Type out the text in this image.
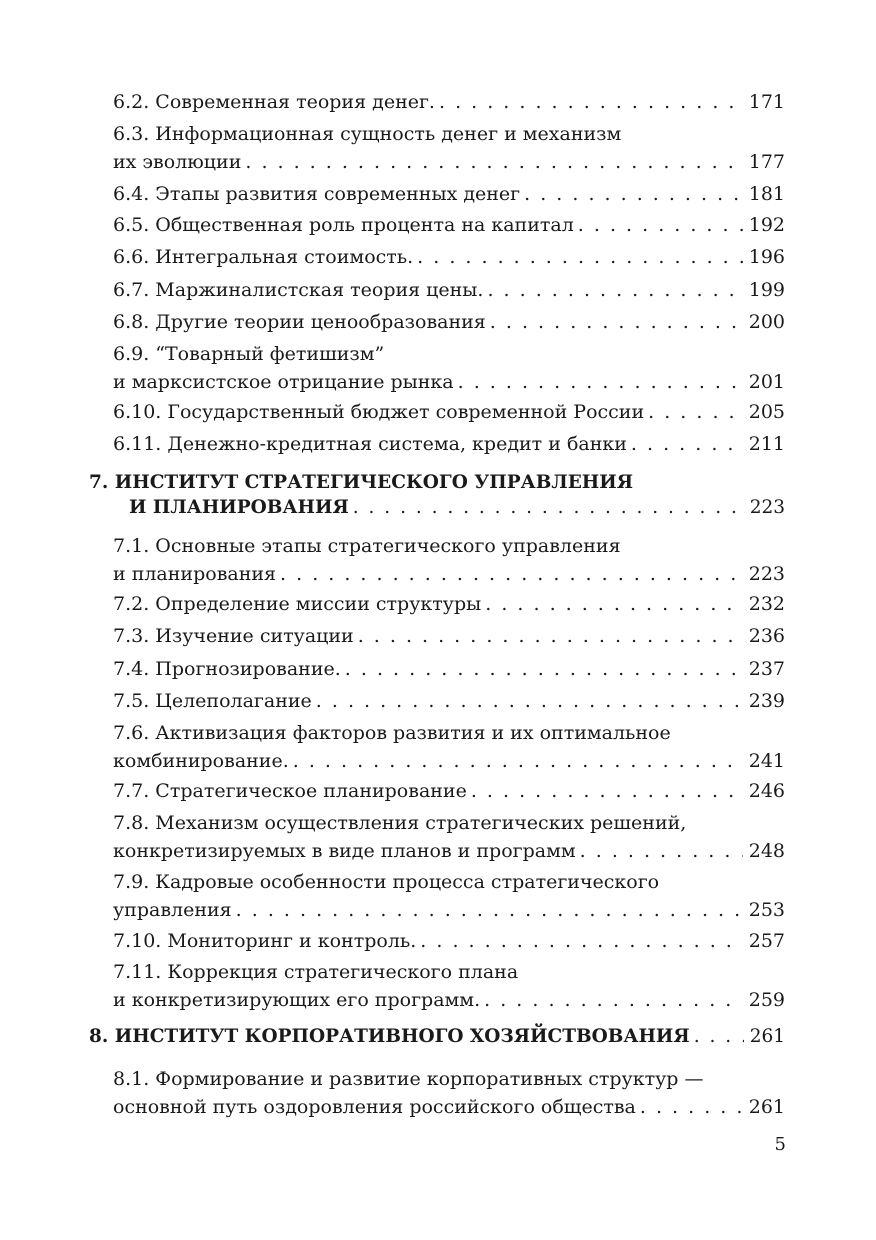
6.2. Современная теория денег. . . .	171
6.3. Информационная сущность денег и механизм
их эволюции . . .	177
6.4. Этапы развития современных денег . . .	181
6.5. Общественная роль процента на капитал . . .	192
6.6. Интегральная стоимость. . . .	196
6.7. Маржиналистская теория цены. . . .	199
6.8. Другие теории ценообразования . . .	200
6.9. “Товарный фетишизм”
и марксистское отрицание рынка . . .	201
6.10. Государственный бюджет современной России . . .	205
6.11. Денежно-кредитная система, кредит и банки . . .	211
7. ИНСТИТУТ СТРАТЕГИЧЕСКОГО УПРАВЛЕНИЯ
И ПЛАНИРОВАНИЯ . . .	223
7.1. Основные этапы стратегического управления
и планирования . . .	223
7.2. Определение миссии структуры . . .	232
7.3. Изучение ситуации . . .	236
7.4. Прогнозирование. . . .	237
7.5. Целеполагание . . .	239
7.6. Активизация факторов развития и их оптимальное
комбинирование. . . .	241
7.7. Стратегическое планирование . . .	246
7.8. Механизм осуществления стратегических решений,
конкретизируемых в виде планов и программ . . .	248
7.9. Кадровые особенности процесса стратегического
управления . . .	253
7.10. Мониторинг и контроль. . . .	257
7.11. Коррекция стратегического плана
и конкретизирующих его программ. . . .	259
8. ИНСТИТУТ КОРПОРАТИВНОГО ХОЗЯЙСТВОВАНИЯ . . .	261
8.1. Формирование и развитие корпоративных структур —
основной путь оздоровления российского общества . . .	261
5
